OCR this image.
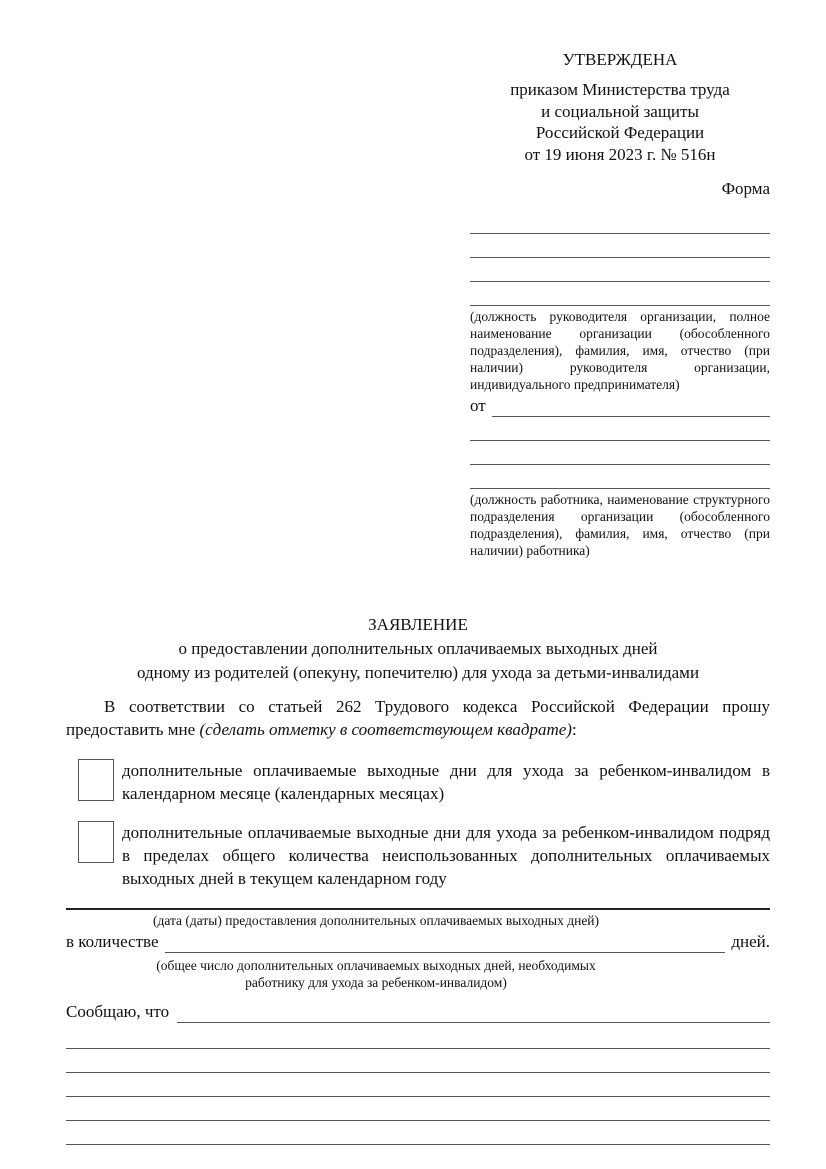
УТВЕРЖДЕНА
приказом Министерства труда
и социальной защиты
Российской Федерации
от 19 июня 2023 г. № 516н
Форма
(должность руководителя организации, полное наименование организации (обособленного подразделения), фамилия, имя, отчество (при наличии) руководителя организации, индивидуального предпринимателя)
от
(должность работника, наименование структурного подразделения организации (обособленного подразделения), фамилия, имя, отчество (при наличии) работника)
ЗАЯВЛЕНИЕ
о предоставлении дополнительных оплачиваемых выходных дней
одному из родителей (опекуну, попечителю) для ухода за детьми-инвалидами

В соответствии со статьей 262 Трудового кодекса Российской Федерации прошу предоставить мне (сделать отметку в соответствующем квадрате):

дополнительные оплачиваемые выходные дни для ухода за ребенком-инвалидом в календарном месяце (календарных месяцах)
дополнительные оплачиваемые выходные дни для ухода за ребенком-инвалидом подряд в пределах общего количества неиспользованных дополнительных оплачиваемых выходных дней в текущем календарном году
(дата (даты) предоставления дополнительных оплачиваемых выходных дней)
в количестве	дней.
(общее число дополнительных оплачиваемых выходных дней, необходимых
работнику для ухода за ребенком-инвалидом)
Сообщаю, что
